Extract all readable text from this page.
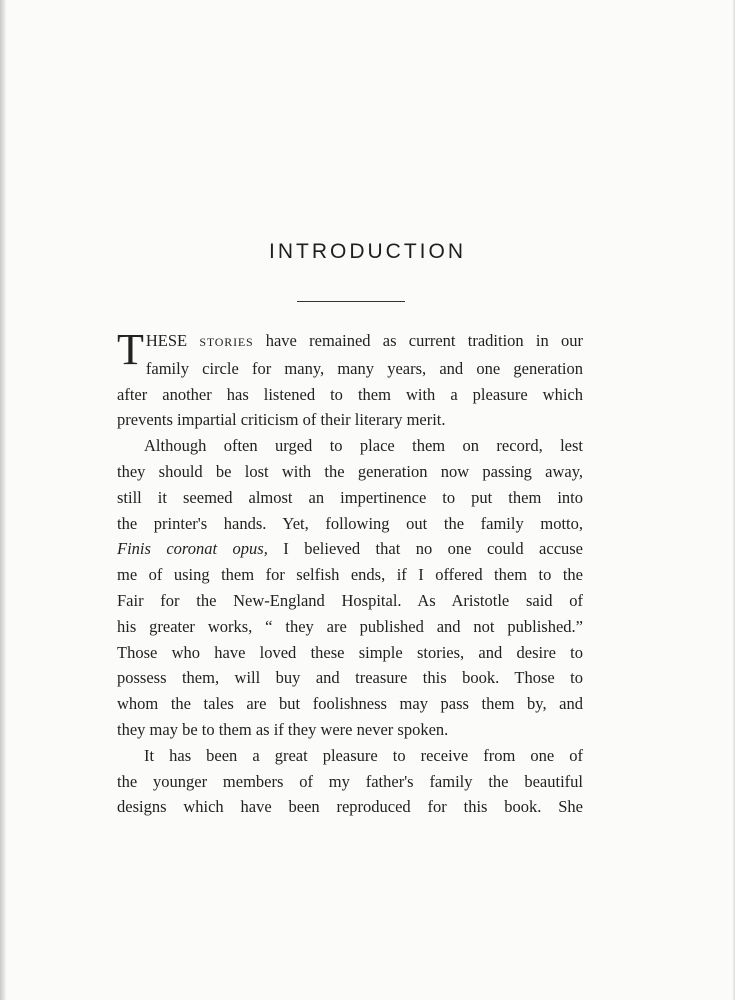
INTRODUCTION
T HESE STORIES have remained as current tradition in our
family circle for many, many years, and one generation
after another has listened to them with a pleasure which
prevents impartial criticism of their literary merit.
Although often urged to place them on record, lest
they should be lost with the generation now passing away,
still it seemed almost an impertinence to put them into
the printer's hands. Yet, following out the family motto,
Finis coronat opus, I believed that no one could accuse
me of using them for selfish ends, if I offered them to the
Fair for the New-England Hospital. As Aristotle said of
his greater works, “ they are published and not published.”
Those who have loved these simple stories, and desire to
possess them, will buy and treasure this book. Those to
whom the tales are but foolishness may pass them by, and
they may be to them as if they were never spoken.
It has been a great pleasure to receive from one of
the younger members of my father's family the beautiful
designs which have been reproduced for this book. She
